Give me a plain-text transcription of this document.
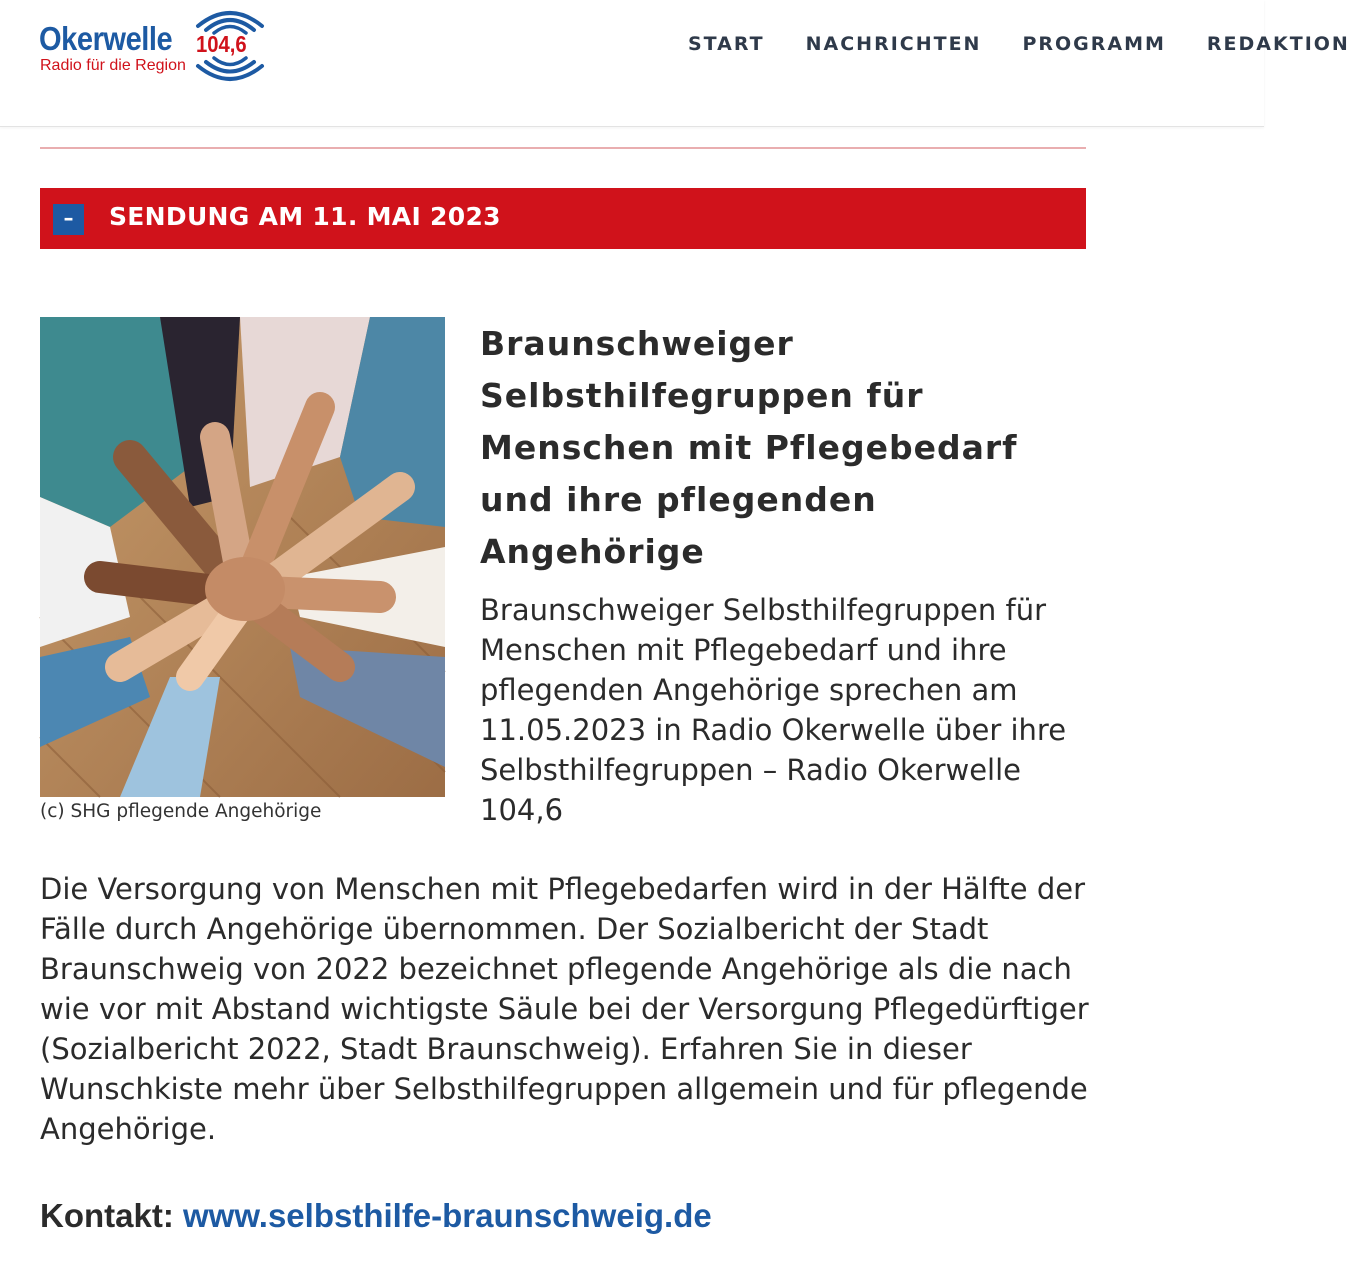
Okerwelle 104,6
Radio für die Region
START NACHRICHTEN PROGRAMM REDAKTION
–	SENDUNG AM 11. MAI 2023
(c) SHG pflegende Angehörige
Braunschweiger Selbsthilfegruppen für Menschen mit Pflegebedarf und ihre pflegenden Angehörige

Braunschweiger Selbsthilfegruppen für Menschen mit Pflegebedarf und ihre pflegenden Angehörige sprechen am 11.05.2023 in Radio Okerwelle über ihre Selbsthilfegruppen – Radio Okerwelle 104,6

Die Versorgung von Menschen mit Pflegebedarfen wird in der Hälfte der Fälle durch Angehörige übernommen. Der Sozialbericht der Stadt Braunschweig von 2022 bezeichnet pflegende Angehörige als die nach wie vor mit Abstand wichtigste Säule bei der Versorgung Pflegedürftiger (Sozialbericht 2022, Stadt Braunschweig). Erfahren Sie in dieser Wunschkiste mehr über Selbsthilfegruppen allgemein und für pflegende Angehörige.

Kontakt: www.selbsthilfe-braunschweig.de
